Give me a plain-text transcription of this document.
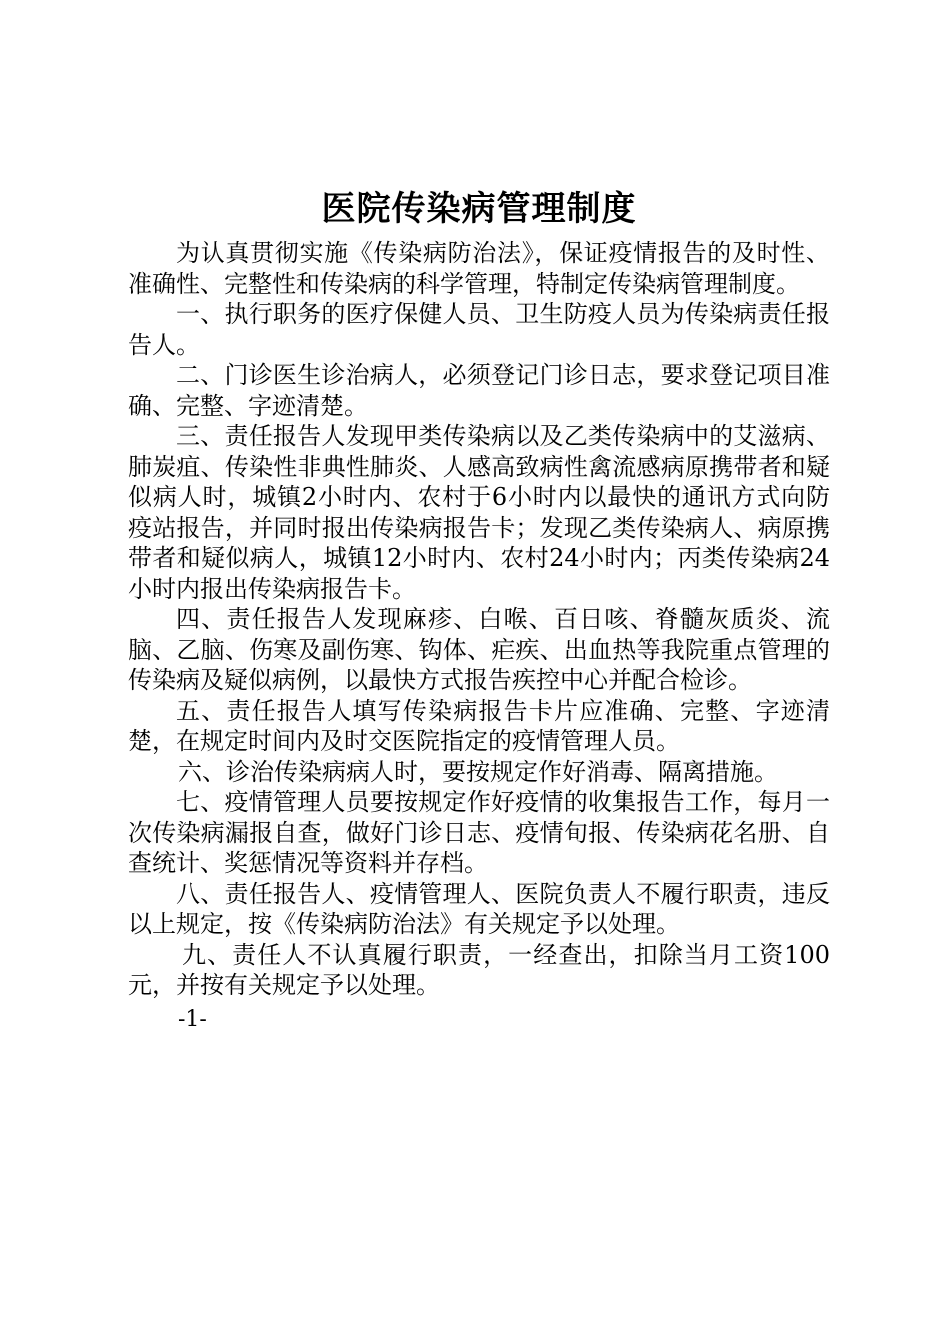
医院传染病管理制度

为认真贯彻实施《传染病防治法》，保证疫情报告的及时性、准确性、完整性和传染病的科学管理，特制定传染病管理制度。

一、执行职务的医疗保健人员、卫生防疫人员为传染病责任报告人。

二、门诊医生诊治病人，必须登记门诊日志，要求登记项目准确、完整、字迹清楚。

三、责任报告人发现甲类传染病以及乙类传染病中的艾滋病、肺炭疽、传染性非典性肺炎、人感高致病性禽流感病原携带者和疑似病人时，城镇2小时内、农村于6小时内以最快的通讯方式向防疫站报告，并同时报出传染病报告卡；发现乙类传染病人、病原携带者和疑似病人，城镇12小时内、农村24小时内；丙类传染病24小时内报出传染病报告卡。

四、责任报告人发现麻疹、白喉、百日咳、脊髓灰质炎、流脑、乙脑、伤寒及副伤寒、钩体、疟疾、出血热等我院重点管理的传染病及疑似病例，以最快方式报告疾控中心并配合检诊。

五、责任报告人填写传染病报告卡片应准确、完整、字迹清楚，在规定时间内及时交医院指定的疫情管理人员。

六、诊治传染病病人时，要按规定作好消毒、隔离措施。

七、疫情管理人员要按规定作好疫情的收集报告工作，每月一次传染病漏报自查，做好门诊日志、疫情旬报、传染病花名册、自查统计、奖惩情况等资料并存档。

八、责任报告人、疫情管理人、医院负责人不履行职责，违反以上规定，按《传染病防治法》有关规定予以处理。

九、责任人不认真履行职责，一经查出，扣除当月工资100元，并按有关规定予以处理。

-1-
